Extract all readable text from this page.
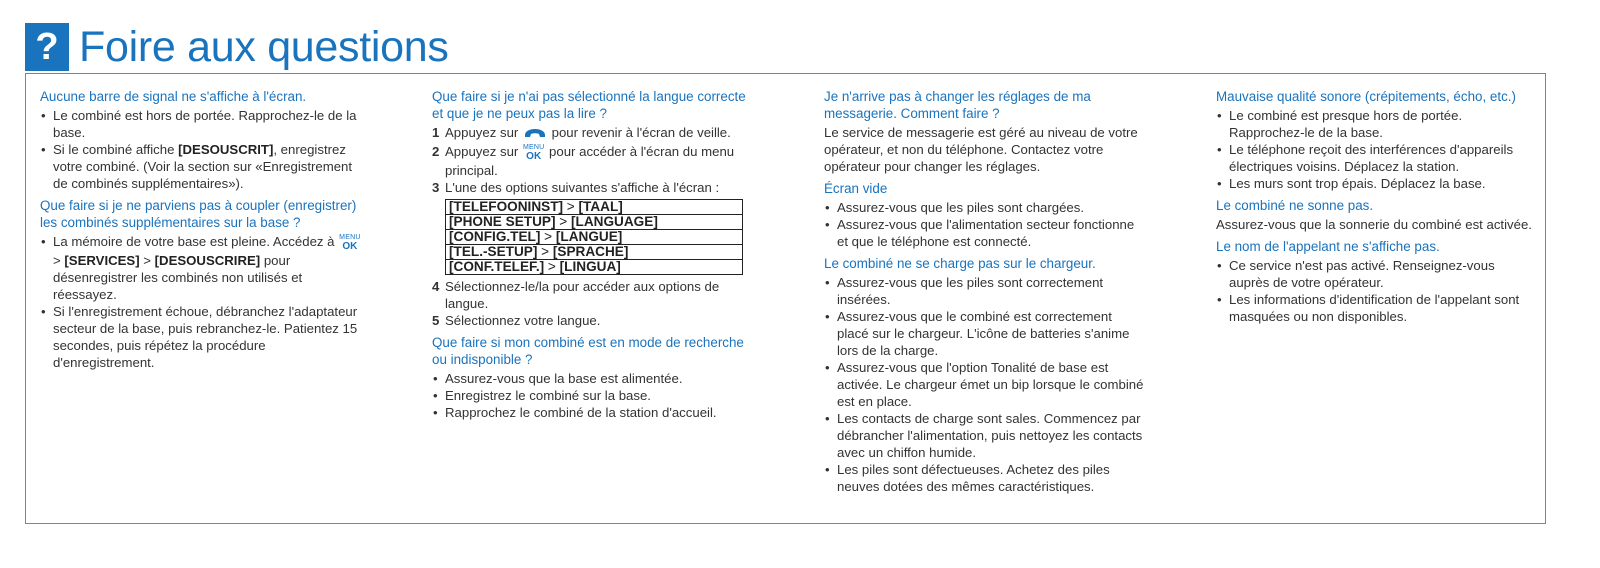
? Foire aux questions
Aucune barre de signal ne s'affiche à l'écran.
• Le combiné est hors de portée. Rapprochez-le de la base.
• Si le combiné affiche [DESOUSCRIT], enregistrez votre combiné. (Voir la section sur «Enregistrement de combinés supplémentaires»).
Que faire si je ne parviens pas à coupler (enregistrer) les combinés supplémentaires sur la base ?
• La mémoire de votre base est pleine. Accédez à MENU
OK
> [SERVICES] > [DESOUSCRIRE] pour désenregistrer les combinés non utilisés et réessayez.
• Si l'enregistrement échoue, débranchez l'adaptateur secteur de la base, puis rebranchez-le. Patientez 15 secondes, puis répétez la procédure d'enregistrement.
Que faire si je n'ai pas sélectionné la langue correcte et que je ne peux pas la lire ?
1 Appuyez sur  pour revenir à l'écran de veille.
2 Appuyez sur MENU
OK pour accéder à l'écran du menu principal.
3 L'une des options suivantes s'affiche à l'écran :
[TELEFOONINST] > [TAAL]
[PHONE SETUP] > [LANGUAGE]
[CONFIG.TEL] > [LANGUE]
[TEL.-SETUP] > [SPRACHE]
[CONF.TELEF.] > [LINGUA]
4 Sélectionnez-le/la pour accéder aux options de langue.
5 Sélectionnez votre langue.
Que faire si mon combiné est en mode de recherche ou indisponible ?
• Assurez-vous que la base est alimentée.
• Enregistrez le combiné sur la base.
• Rapprochez le combiné de la station d'accueil.
Je n'arrive pas à changer les réglages de ma messagerie. Comment faire ?

Le service de messagerie est géré au niveau de votre opérateur, et non du téléphone. Contactez votre opérateur pour changer les réglages.

Écran vide
• Assurez-vous que les piles sont chargées.
• Assurez-vous que l'alimentation secteur fonctionne et que le téléphone est connecté.
Le combiné ne se charge pas sur le chargeur.
• Assurez-vous que les piles sont correctement insérées.
• Assurez-vous que le combiné est correctement placé sur le chargeur. L'icône de batteries s'anime lors de la charge.
• Assurez-vous que l'option Tonalité de base est activée. Le chargeur émet un bip lorsque le combiné est en place.
• Les contacts de charge sont sales. Commencez par débrancher l'alimentation, puis nettoyez les contacts avec un chiffon humide.
• Les piles sont défectueuses. Achetez des piles neuves dotées des mêmes caractéristiques.
Mauvaise qualité sonore (crépitements, écho, etc.)
• Le combiné est presque hors de portée. Rapprochez-le de la base.
• Le téléphone reçoit des interférences d'appareils électriques voisins. Déplacez la station.
• Les murs sont trop épais. Déplacez la base.
Le combiné ne sonne pas.

Assurez-vous que la sonnerie du combiné est activée.

Le nom de l'appelant ne s'affiche pas.
• Ce service n'est pas activé. Renseignez-vous auprès de votre opérateur.
• Les informations d'identification de l'appelant sont masquées ou non disponibles.
